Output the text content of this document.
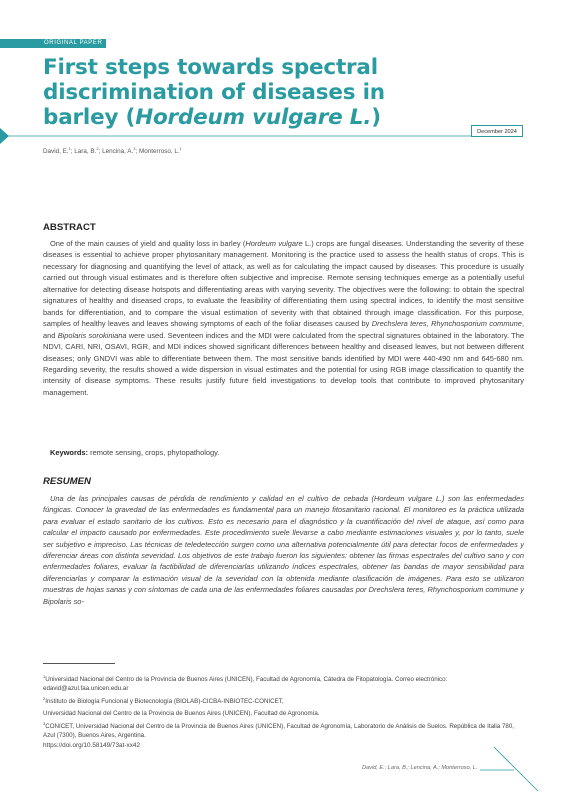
ORIGINAL PAPER
First steps towards spectral discrimination of diseases in barley (Hordeum vulgare L.)
December 2024
David, E.$^1$; Lara, B.$^2$; Lencina, A.$^3$; Monterroso, L.$^1$
ABSTRACT

One of the main causes of yield and quality loss in barley (Hordeum vulgare L.) crops are fungal diseases. Understanding the severity of these diseases is essential to achieve proper phytosanitary management. Monitoring is the practice used to assess the health status of crops. This is necessary for diagnosing and quantifying the level of attack, as well as for calculating the impact caused by diseases. This procedure is usually carried out through visual estimates and is therefore often subjective and imprecise. Remote sensing techniques emerge as a potentially useful alternative for detecting disease hotspots and differentiating areas with varying severity. The objectives were the following: to obtain the spectral signatures of healthy and diseased crops, to evaluate the feasibility of differentiating them using spectral indices, to identify the most sensitive bands for differentiation, and to compare the visual estimation of severity with that obtained through image classification. For this purpose, samples of healthy leaves and leaves showing symptoms of each of the foliar diseases caused by Drechslera teres, Rhynchosporium commune, and Bipolaris sorokiniana were used. Seventeen indices and the MDI were calculated from the spectral signatures obtained in the laboratory. The NDVI, CARI, NRI, OSAVI, RGR, and MDI indices showed significant differences between healthy and diseased leaves, but not between different diseases; only GNDVI was able to differentiate between them. The most sensitive bands identified by MDI were 440-490 nm and 645-680 nm. Regarding severity, the results showed a wide dispersion in visual estimates and the potential for using RGB image classification to quantify the intensity of disease symptoms. These results justify future field investigations to develop tools that contribute to improved phytosanitary management.

Keywords: remote sensing, crops, phytopathology.
RESUMEN

Una de las principales causas de pérdida de rendimiento y calidad en el cultivo de cebada (Hordeum vulgare L.) son las enfermedades fúngicas. Conocer la gravedad de las enfermedades es fundamental para un manejo fitosanitario racional. El monitoreo es la práctica utilizada para evaluar el estado sanitario de los cultivos. Esto es necesario para el diagnóstico y la cuantificación del nivel de ataque, así como para calcular el impacto causado por enfermedades. Este procedimiento suele llevarse a cabo mediante estimaciones visuales y, por lo tanto, suele ser subjetivo e impreciso. Las técnicas de teledetección surgen como una alternativa potencialmente útil para detectar focos de enfermedades y diferenciar áreas con distinta severidad. Los objetivos de este trabajo fueron los siguientes: obtener las firmas espectrales del cultivo sano y con enfermedades foliares, evaluar la factibilidad de diferenciarlas utilizando índices espectrales, obtener las bandas de mayor sensibilidad para diferenciarlas y comparar la estimación visual de la severidad con la obtenida mediante clasificación de imágenes. Para esto se utilizaron muestras de hojas sanas y con síntomas de cada una de las enfermedades foliares causadas por Drechslera teres, Rhynchosporium commune y Bipolaris so-

$^1$Universidad Nacional del Centro de la Provincia de Buenos Aires (UNICEN), Facultad de Agronomía, Cátedra de Fitopatología. Correo electrónico: edavid@azul.faa.unicen.edu.ar

$^2$Instituto de Biología Funcional y Biotecnología (BIOLAB)-CICBA-INBIOTEC-CONICET,

Universidad Nacional del Centro de la Provincia de Buenos Aires (UNICEN), Facultad de Agronomía.

$^3$CONICET, Universidad Nacional del Centro de la Provincia de Buenos Aires (UNICEN), Facultad de Agronomía, Laboratorio de Análisis de Suelos. República de Italia 780, Azul (7300), Buenos Aires, Argentina.

https://doi.org/10.58149/73at-xx42
David, E.; Lara, B.; Lencina, A.; Monterroso, L.
